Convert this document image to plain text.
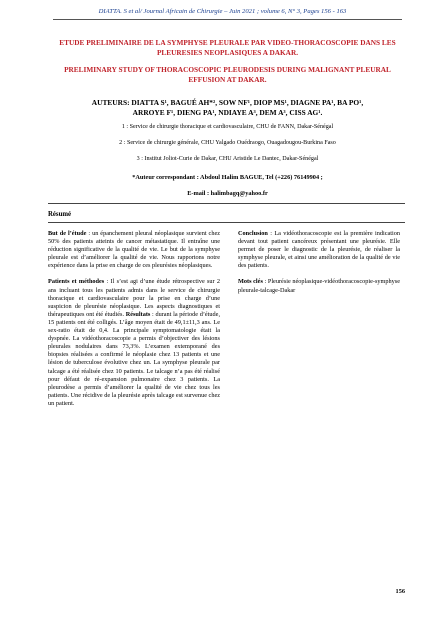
DIATTA. S et al/ Journal Africain de Chirurgie – Juin 2021 ; volume 6, N° 3, Pages 156 - 163

ETUDE PRELIMINAIRE DE LA SYMPHYSE PLEURALE PAR VIDEO-THORACOSCOPIE DANS LES PLEURESIES NEOPLASIQUES A DAKAR.

PRELIMINARY STUDY OF THORACOSCOPIC PLEURODESIS DURING MALIGNANT PLEURAL EFFUSION AT DAKAR.

AUTEURS: DIATTA S¹, BAGUÉ AH*², SOW NF¹, DIOP MS¹, DIAGNE PA¹, BA PO¹,
ARROYE F¹, DIENG PA¹, NDIAYE A³, DEM A³, CISS AG¹.
1 : Service de chirurgie thoracique et cardiovasculaire, CHU de FANN, Dakar-Sénégal
2 : Service de chirurgie générale, CHU Yalgado Ouédraogo, Ouagadougou-Burkina Faso
3 : Institut Joliot-Curie de Dakar, CHU Aristide Le Dantec, Dakar-Sénégal
*Auteur correspondant : Abdoul Halim BAGUE, Tel (+226) 76149904 ;
E-mail : halimbagq@yahoo.fr
Résumé

But de l’étude : un épanchement pleural néoplasique survient chez 50% des patients atteints de cancer métastatique. Il entraîne une réduction significative de la qualité de vie. Le but de la symphyse pleurale est d’améliorer la qualité de vie. Nous rapportons notre expérience dans la prise en charge de ces pleurésies néoplasiques.

Patients et méthodes : Il s’est agi d’une étude rétrospective sur 2 ans incluant tous les patients admis dans le service de chirurgie thoracique et cardiovasculaire pour la prise en charge d’une suspicion de pleurésie néoplasique. Les aspects diagnostiques et thérapeutiques ont été étudiés. Résultats : durant la période d’étude, 15 patients ont été colligés. L’âge moyen était de 49,1±11,3 ans. Le sex-ratio était de 0,4. La principale symptomatologie était la dyspnée. La vidéothoracoscopie a permis d’objectiver des lésions pleurales nodulaires dans 73,3%. L’examen extemporané des biopsies réalisées a confirmé le néoplasie chez 13 patients et une lésion de tuberculose évolutive chez un. La symphyse pleurale par talcage a été réalisée chez 10 patients. Le talcage n’a pas été réalisé pour défaut de ré-expansion pulmonaire chez 3 patients. La pleurodèse a permis d’améliorer la qualité de vie chez tous les patients. Une récidive de la pleurésie après talcage est survenue chez un patient.

Conclusion : La vidéothoracoscopie est la première indication devant tout patient cancéreux présentant une pleurésie. Elle permet de poser le diagnostic de la pleurésie, de réaliser la symphyse pleurale, et ainsi une amélioration de la qualité de vie des patients.

Mots clés : Pleurésie néoplasique-vidéothoracoscopie-symphyse pleurale-talcage-Dakar

156
